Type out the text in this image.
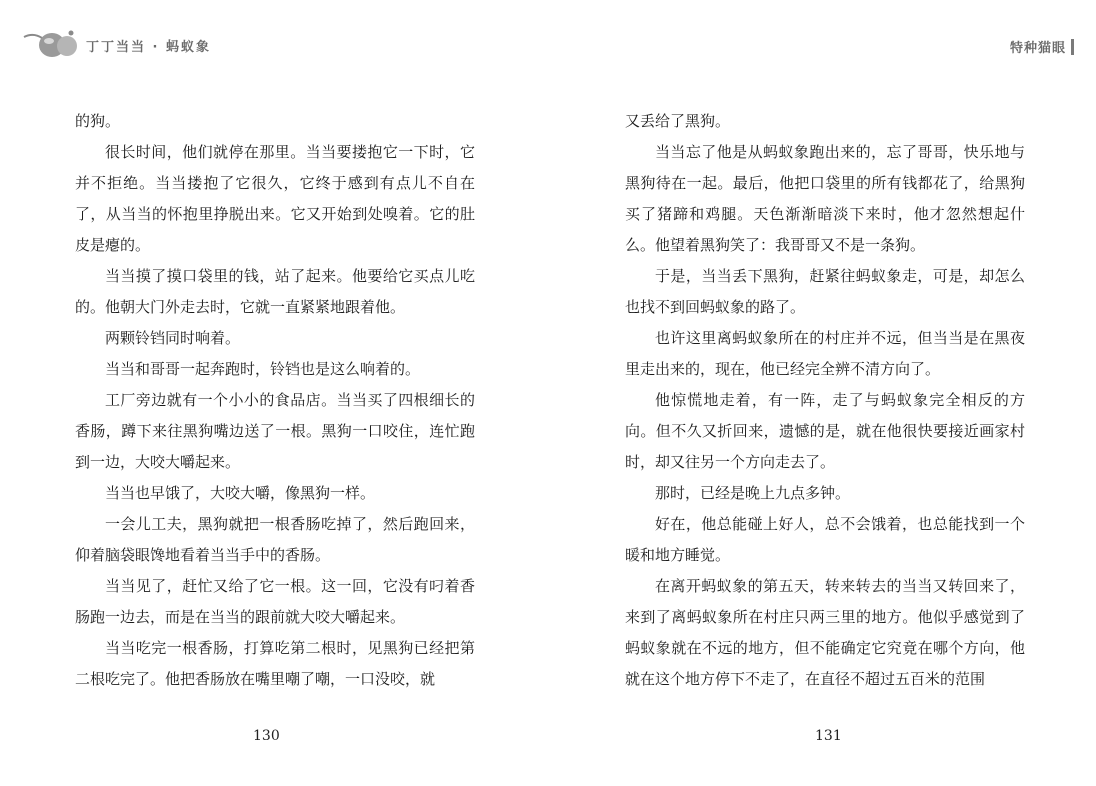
丁丁当当 · 蚂蚁象	特种猫眼

的狗。

很长时间，他们就停在那里。当当要搂抱它一下时，它并不拒绝。当当搂抱了它很久，它终于感到有点儿不自在了，从当当的怀抱里挣脱出来。它又开始到处嗅着。它的肚皮是瘪的。

当当摸了摸口袋里的钱，站了起来。他要给它买点儿吃的。他朝大门外走去时，它就一直紧紧地跟着他。

两颗铃铛同时响着。

当当和哥哥一起奔跑时，铃铛也是这么响着的。

工厂旁边就有一个小小的食品店。当当买了四根细长的香肠，蹲下来往黑狗嘴边送了一根。黑狗一口咬住，连忙跑到一边，大咬大嚼起来。

当当也早饿了，大咬大嚼，像黑狗一样。

一会儿工夫，黑狗就把一根香肠吃掉了，然后跑回来，仰着脑袋眼馋地看着当当手中的香肠。

当当见了，赶忙又给了它一根。这一回，它没有叼着香肠跑一边去，而是在当当的跟前就大咬大嚼起来。

当当吃完一根香肠，打算吃第二根时，见黑狗已经把第二根吃完了。他把香肠放在嘴里嘲了嘲，一口没咬，就

又丢给了黑狗。

当当忘了他是从蚂蚁象跑出来的，忘了哥哥，快乐地与黑狗待在一起。最后，他把口袋里的所有钱都花了，给黑狗买了猪蹄和鸡腿。天色渐渐暗淡下来时，他才忽然想起什么。他望着黑狗笑了：我哥哥又不是一条狗。

于是，当当丢下黑狗，赶紧往蚂蚁象走，可是，却怎么也找不到回蚂蚁象的路了。

也许这里离蚂蚁象所在的村庄并不远，但当当是在黑夜里走出来的，现在，他已经完全辨不清方向了。

他惊慌地走着，有一阵，走了与蚂蚁象完全相反的方向。但不久又折回来，遗憾的是，就在他很快要接近画家村时，却又往另一个方向走去了。

那时，已经是晚上九点多钟。

好在，他总能碰上好人，总不会饿着，也总能找到一个暖和地方睡觉。

在离开蚂蚁象的第五天，转来转去的当当又转回来了，来到了离蚂蚁象所在村庄只两三里的地方。他似乎感觉到了蚂蚁象就在不远的地方，但不能确定它究竟在哪个方向，他就在这个地方停下不走了，在直径不超过五百米的范围

130	131
